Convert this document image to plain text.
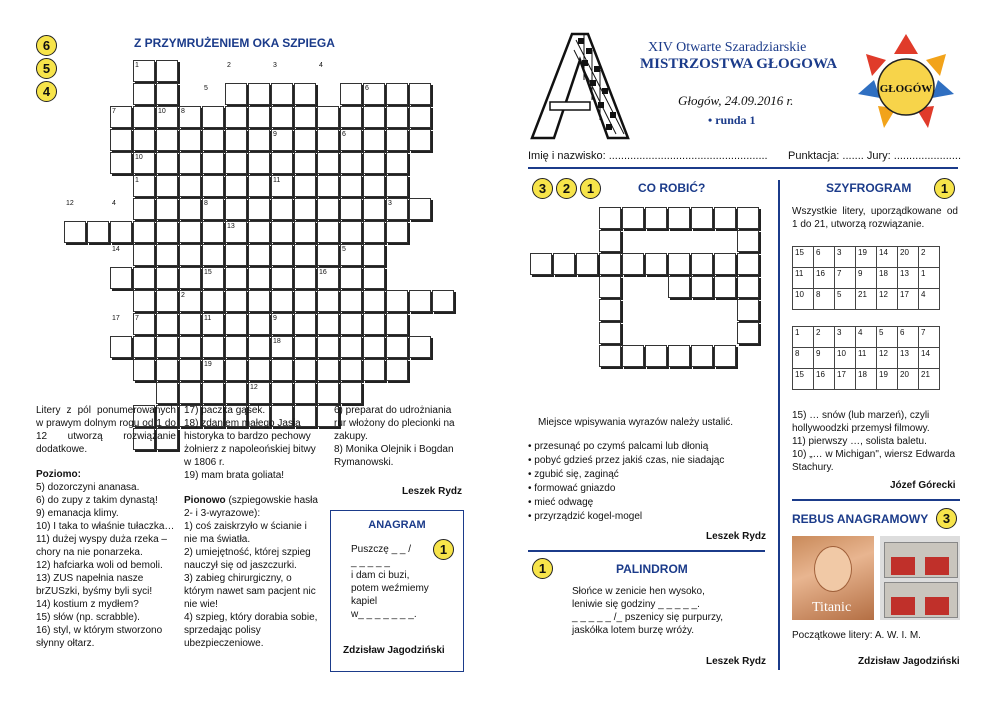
6
5
4
Z PRZYMRUŻENIEM OKA SZPIEGA
1	2	3	4
5	6
7	8
10
9	6
10
1	11
12	4	8	3
13
14	5
15	16
2
17 7	11	9
18
19
12
Litery z pól ponumerowanych w prawym dolnym rogu od 1 do 12 utworzą rozwiązanie dodatkowe.
Poziomo:
5) dozorczyni ananasa.
6) do zupy z takim dynastą!
9) emanacja klimy.
10) I taka to właśnie tułaczka…
11) dużej wyspy duża rzeka – chory na nie ponarzeka.
12) hafciarka woli od bemoli.
13) ZUS napełnia nasze brZUSzki, byśmy byli syci!
14) kostium z mydłem?
15) słów (np. scrabble).
16) styl, w którym stworzono słynny ołtarz.
17) paczka gąsek.
18) zdaniem małego Jasia historyka to bardzo pechowy żołnierz z napoleońskiej bitwy w 1806 r.
19) mam brata goliata!
Pionowo (szpiegowskie hasła 2- i 3-wyrazowe):
1) coś zaiskrzyło w ścianie i nie ma światła.
2) umiejętność, której szpieg nauczył się od jaszczurki.
3) zabieg chirurgiczny, o którym nawet sam pacjent nic nie wie!
4) szpieg, który dorabia sobie, sprzedając polisy ubezpieczeniowe.
6) preparat do udrożniania rur włożony do plecionki na zakupy.
8) Monika Olejnik i Bogdan Rymanowski.
Leszek Rydz
ANAGRAM
1
Puszczę _ _ /
_ _ _ _ _
i dam ci buzi,
potem weźmiemy
kapiel
w_ _ _ _ _ _ _.
Zdzisław Jagodziński
XIV Otwarte Szaradziarskie
MISTRZOSTWA GŁOGOWA
Głogów, 24.09.2016 r.
• runda 1
GŁOGÓW
Imię i nazwisko: .................................................... Punktacja: ....... Jury: ......................
3	2	1	CO ROBIĆ?
Miejsce wpisywania wyrazów należy ustalić.
• przesunąć po czymś palcami lub dłonią
• pobyć gdzieś przez jakiś czas, nie siadając
• zgubić się, zaginąć
• formować gniazdo
• mieć odwagę
• przyrządzić kogel-mogel
Leszek Rydz
1	PALINDROM
Słońce w zenicie hen wysoko,
leniwie się godziny _ _ _ _ _.
_ _ _ _ _ /_ pszenicy się purpurzy,
jaskółka lotem burzę wróży.
Leszek Rydz
SZYFROGRAM	1
Wszystkie litery, uporządkowane od 1 do 21, utworzą rozwiązanie.
15	6	3	19	14	20	2
11	16	7	9	18	13	1
10	8	5	21	12	17	4
1	2	3	4	5	6	7
8	9	10	11	12	13	14
15	16	17	18	19	20	21
15) … snów (lub marzeń), czyli hollywoodzki przemysł filmowy.
11) pierwszy …, solista baletu.
10) „… w Michigan", wiersz Edwarda Stachury.
Józef Górecki
REBUS ANAGRAMOWY	3
Titanic
Początkowe litery: A. W. I. M.
Zdzisław Jagodziński
